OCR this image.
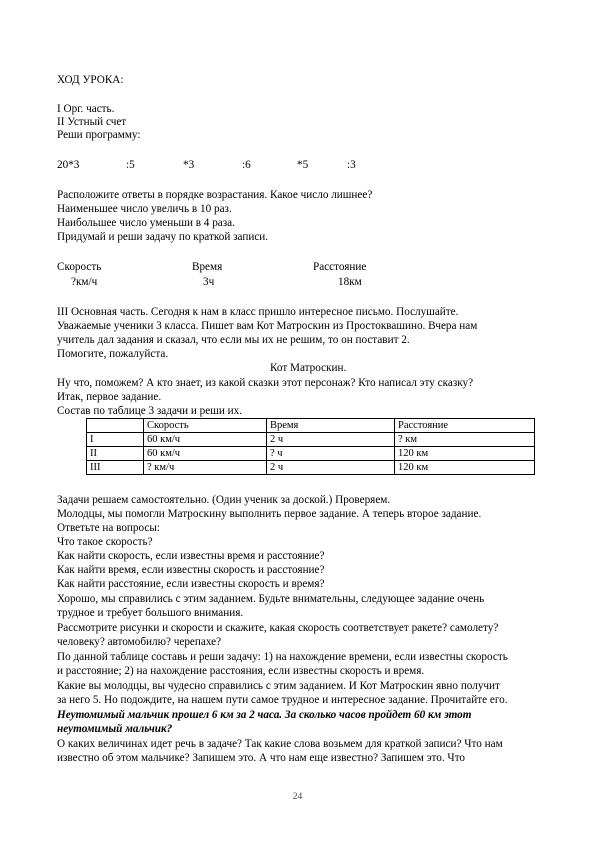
ХОД УРОКА:
I Орг. часть.
II Устный счет
Реши программу:
20*3	:5	*3	:6	*5	:3
Расположите ответы в порядке возрастания. Какое число лишнее?
Наименьшее число увеличь в 10 раз.
Наибольшее число уменьши в 4 раза.
Придумай и реши задачу по краткой записи.
Скорость	Время	Расстояние
?км/ч	3ч	18км
III Основная часть. Сегодня к нам в класс пришло интересное письмо. Послушайте.
Уважаемые ученики 3 класса. Пишет вам Кот Матроскин из Простоквашино. Вчера нам
учитель дал задания и сказал, что если мы их не решим, то он поставит 2.
Помогите, пожалуйста.
Кот Матроскин.
Ну что, поможем? А кто знает, из какой сказки этот персонаж? Кто написал эту сказку?
Итак, первое задание.
Состав по таблице 3 задачи и реши их.
	Скорость	Время	Расстояние
I	60 км/ч	2 ч	? км
II	60 км/ч	? ч	120 км
III	? км/ч	2 ч	120 км
Задачи решаем самостоятельно. (Один ученик за доской.) Проверяем.
Молодцы, мы помогли Матроскину выполнить первое задание. А теперь второе задание.
Ответьте на вопросы:
Что такое скорость?
Как найти скорость, если известны время и расстояние?
Как найти время, если известны скорость и расстояние?
Как найти расстояние, если известны скорость и время?
Хорошо, мы справились с этим заданием. Будьте внимательны, следующее задание очень
трудное и требует большого внимания.
Рассмотрите рисунки и скорости и скажите, какая скорость соответствует ракете? самолету?
человеку? автомобилю? черепахе?
По данной таблице составь и реши задачу: 1) на нахождение времени, если известны скорость
и расстояние; 2) на нахождение расстояния, если известны скорость и время.
Какие вы молодцы, вы чудесно справились с этим заданием. И Кот Матроскин явно получит
за него 5. Но подождите, на нашем пути самое трудное и интересное задание. Прочитайте его.
Неутомимый мальчик прошел 6 км за 2 часа. За сколько часов пройдет 60 км этот
неутомимый мальчик?
О каких величинах идет речь в задаче? Так какие слова возьмем для краткой записи? Что нам
известно об этом мальчике? Запишем это. А что нам еще известно? Запишем это. Что
24
